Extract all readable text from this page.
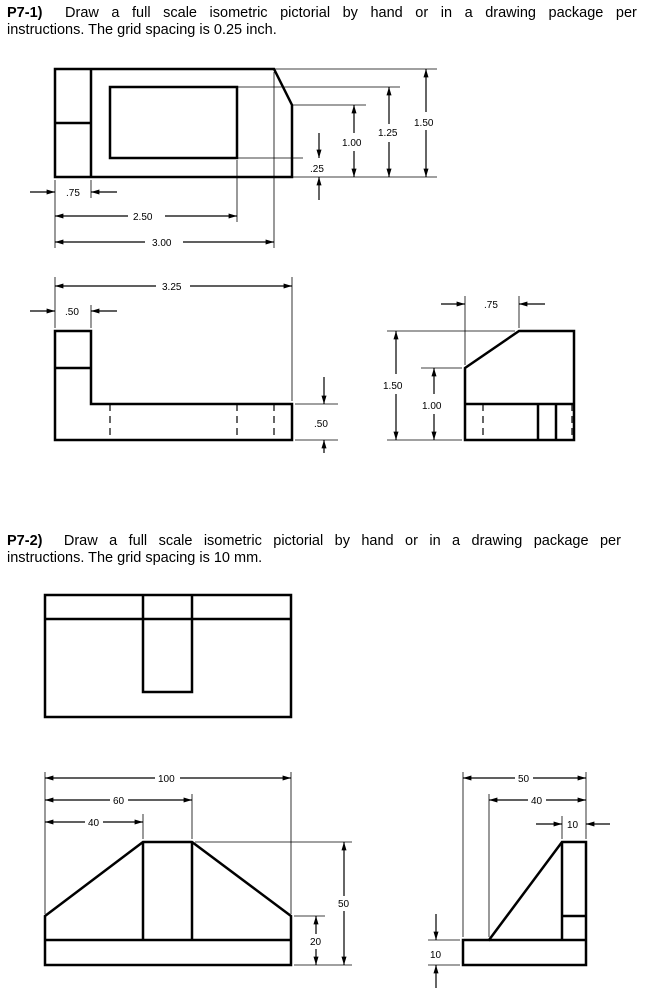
P7-1) Draw a full scale isometric pictorial by hand or in a drawing package per
instructions. The grid spacing is 0.25 inch.
P7-2) Draw a full scale isometric pictorial by hand or in a drawing package per
instructions. The grid spacing is 10 mm.
1.00
1.25
1.50
.25
.75
2.50
3.00
3.25
.50
.50
.75
1.50
1.00
100
60
40
50
20
50
40
10
10
